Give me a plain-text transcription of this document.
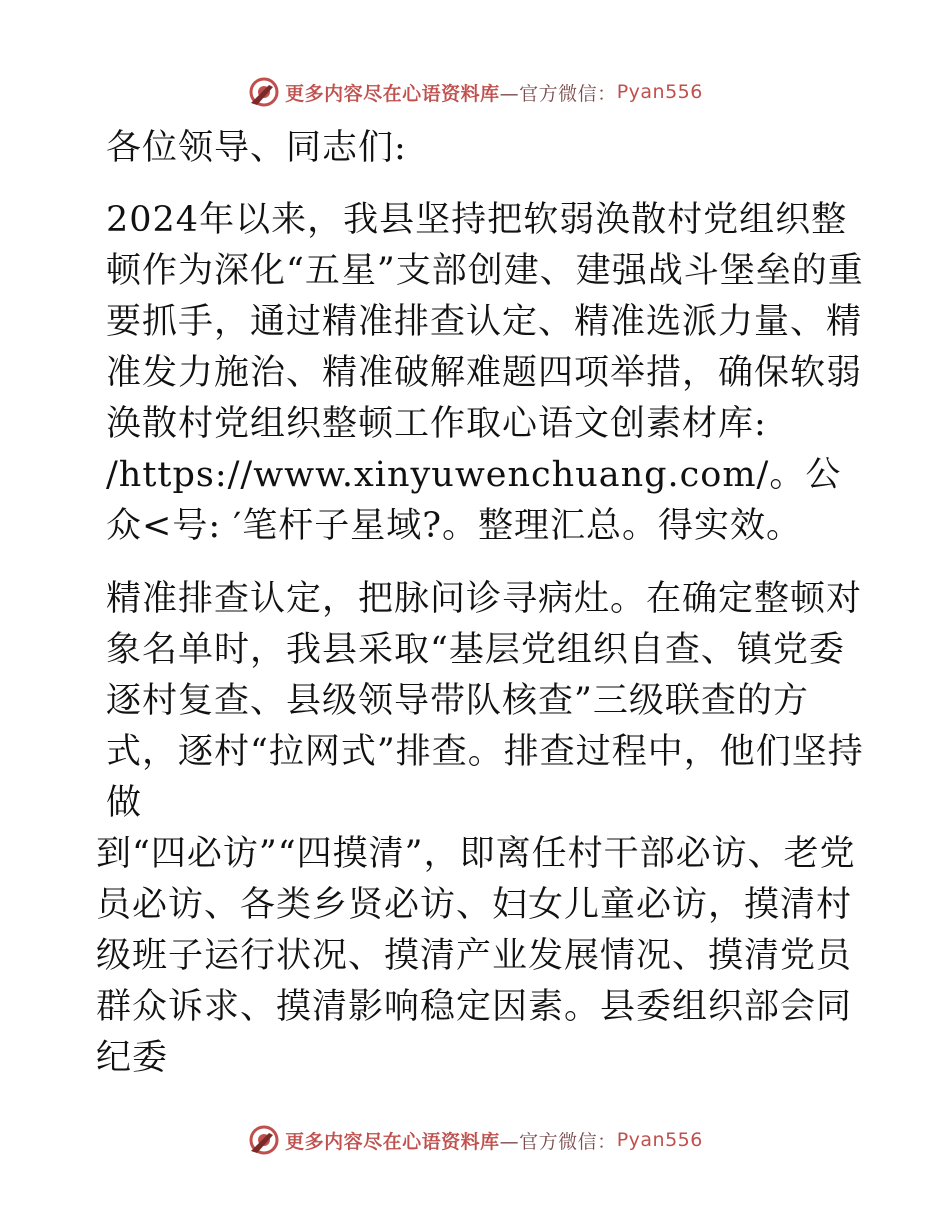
更多内容尽在心语资料库 —官方微信： Pyan556
各位领导、同志们:

2024年以来，我县坚持把软弱涣散村党组织整顿作为深化“五星”支部创建、建强战斗堡垒的重要抓手，通过精准排查认定、精准选派力量、精准发力施治、精准破解难题四项举措，确保软弱涣散村党组织整顿工作取心语文创素材库: /https://www.xinyuwenchuang.com/。公众<号: ′笔杆子星域?。整理汇总。得实效。

精准排查认定，把脉问诊寻病灶。在确定整顿对象名单时，我县采取“基层党组织自查、镇党委逐村复查、县级领导带队核查”三级联查的方式，逐村“拉网式”排查。排查过程中，他们坚持做

到“四必访”“四摸清”，即离任村干部必访、老党员必访、各类乡贤必访、妇女儿童必访，摸清村级班子运行状况、摸清产业发展情况、摸清党员群众诉求、摸清影响稳定因素。县委组织部会同纪委

更多内容尽在心语资料库 —官方微信： Pyan556
